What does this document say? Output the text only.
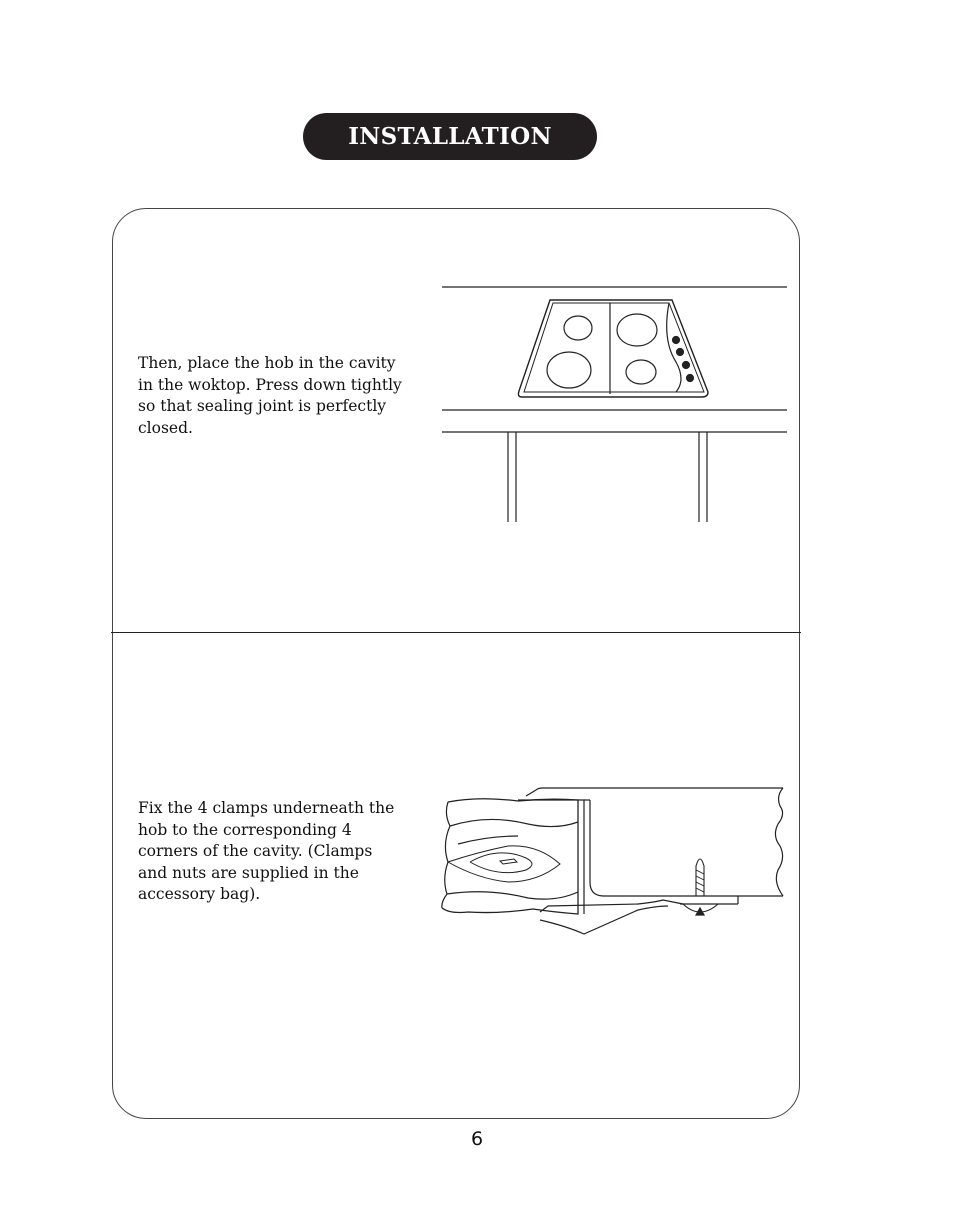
INSTALLATION

Then, place the hob in the cavity
in the woktop. Press down tightly
so that sealing joint is perfectly
closed.

Fix the 4 clamps underneath the
hob to the corresponding 4
corners of the cavity. (Clamps
and nuts are supplied in the
accessory bag).

6
